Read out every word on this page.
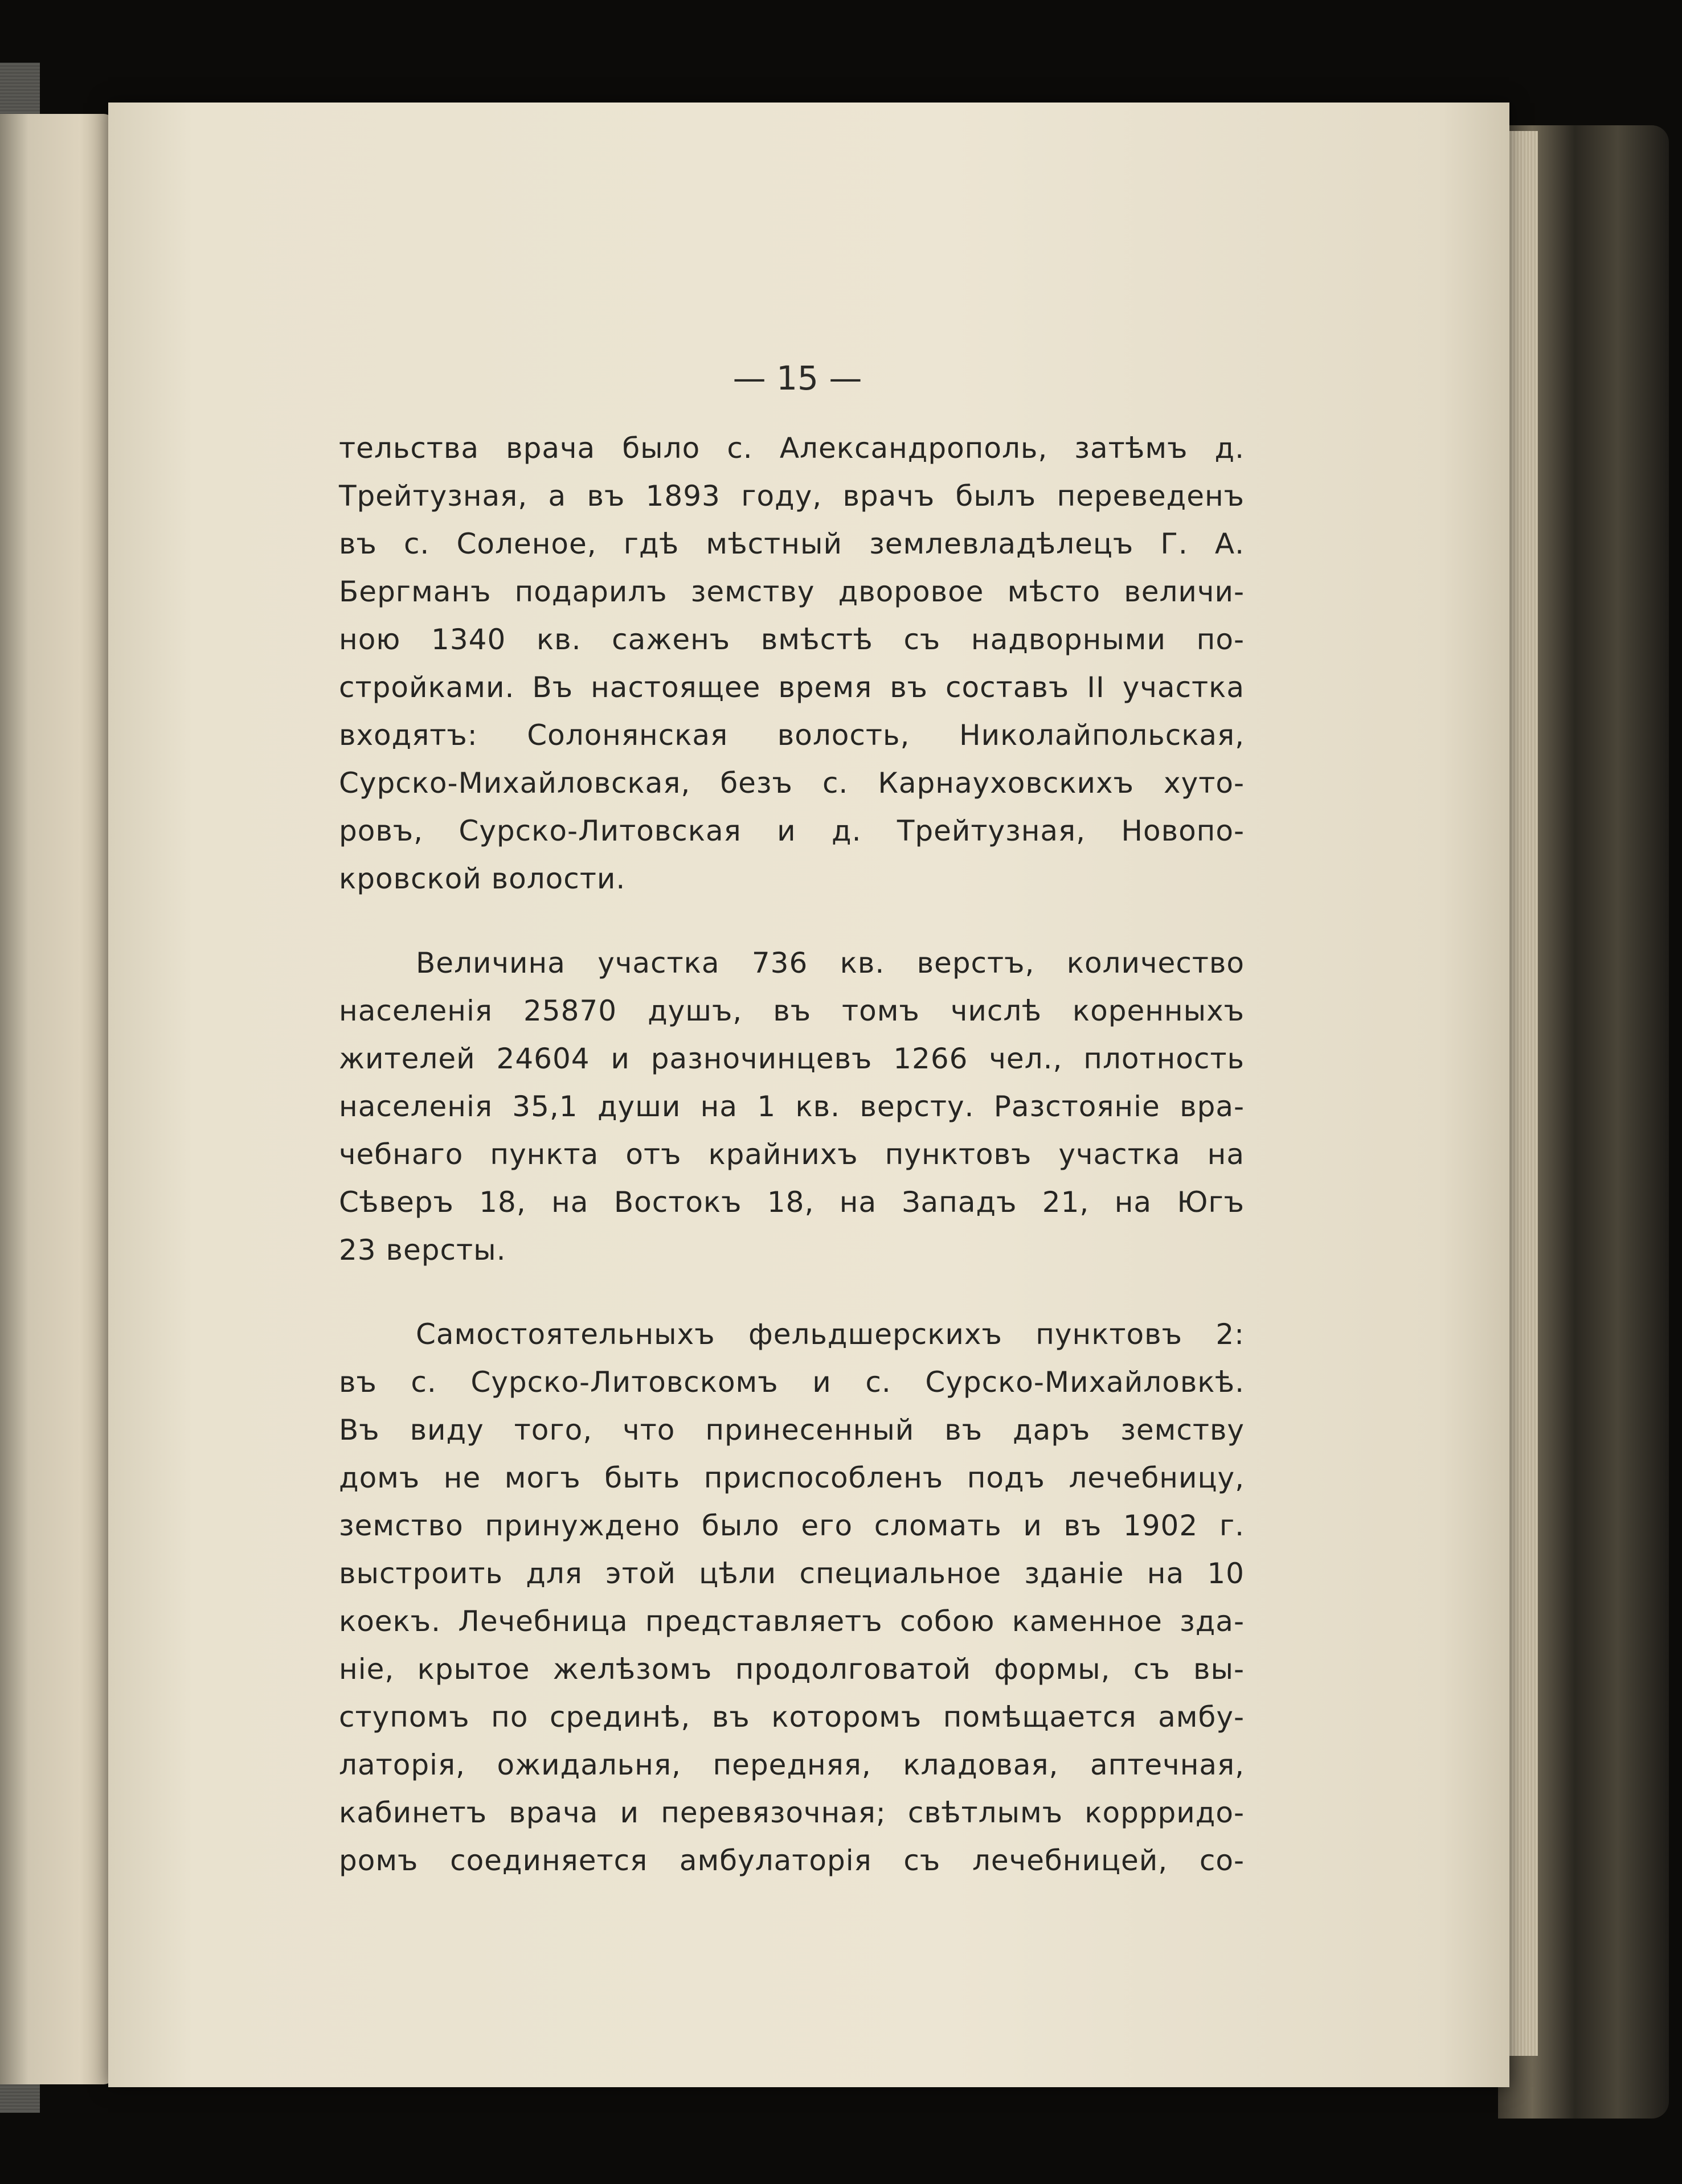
— 15 —
тельства врача было с. Александрополь, затѣмъ д.
Трейтузная, а въ 1893 году, врачъ былъ переведенъ
въ с. Соленое, гдѣ мѣстный землевладѣлецъ Г. А.
Бергманъ подарилъ земству дворовое мѣсто величи-
ною 1340 кв. саженъ вмѣстѣ съ надворными по-
стройками. Въ настоящее время въ составъ II участка
входятъ: Солонянская волость, Николайпольская,
Сурско-Михайловская, безъ с. Карнауховскихъ хуто-
ровъ, Сурско-Литовская и д. Трейтузная, Новопо-
кровской волости.
Величина участка 736 кв. верстъ, количество
населенія 25870 душъ, въ томъ числѣ коренныхъ
жителей 24604 и разночинцевъ 1266 чел., плотность
населенія 35,1 души на 1 кв. версту. Разстояніе вра-
чебнаго пункта отъ крайнихъ пунктовъ участка на
Сѣверъ 18, на Востокъ 18, на Западъ 21, на Югъ
23 версты.
Самостоятельныхъ фельдшерскихъ пунктовъ 2:
въ с. Сурско-Литовскомъ и с. Сурско-Михайловкѣ.
Въ виду того, что принесенный въ даръ земству
домъ не могъ быть приспособленъ подъ лечебницу,
земство принуждено было его сломать и въ 1902 г.
выстроить для этой цѣли специальное зданіе на 10
коекъ. Лечебница представляетъ собою каменное зда-
ніе, крытое желѣзомъ продолговатой формы, съ вы-
ступомъ по срединѣ, въ которомъ помѣщается амбу-
латорія, ожидальня, передняя, кладовая, аптечная,
кабинетъ врача и перевязочная; свѣтлымъ коррридо-
ромъ соединяется амбулаторія съ лечебницей, со-
